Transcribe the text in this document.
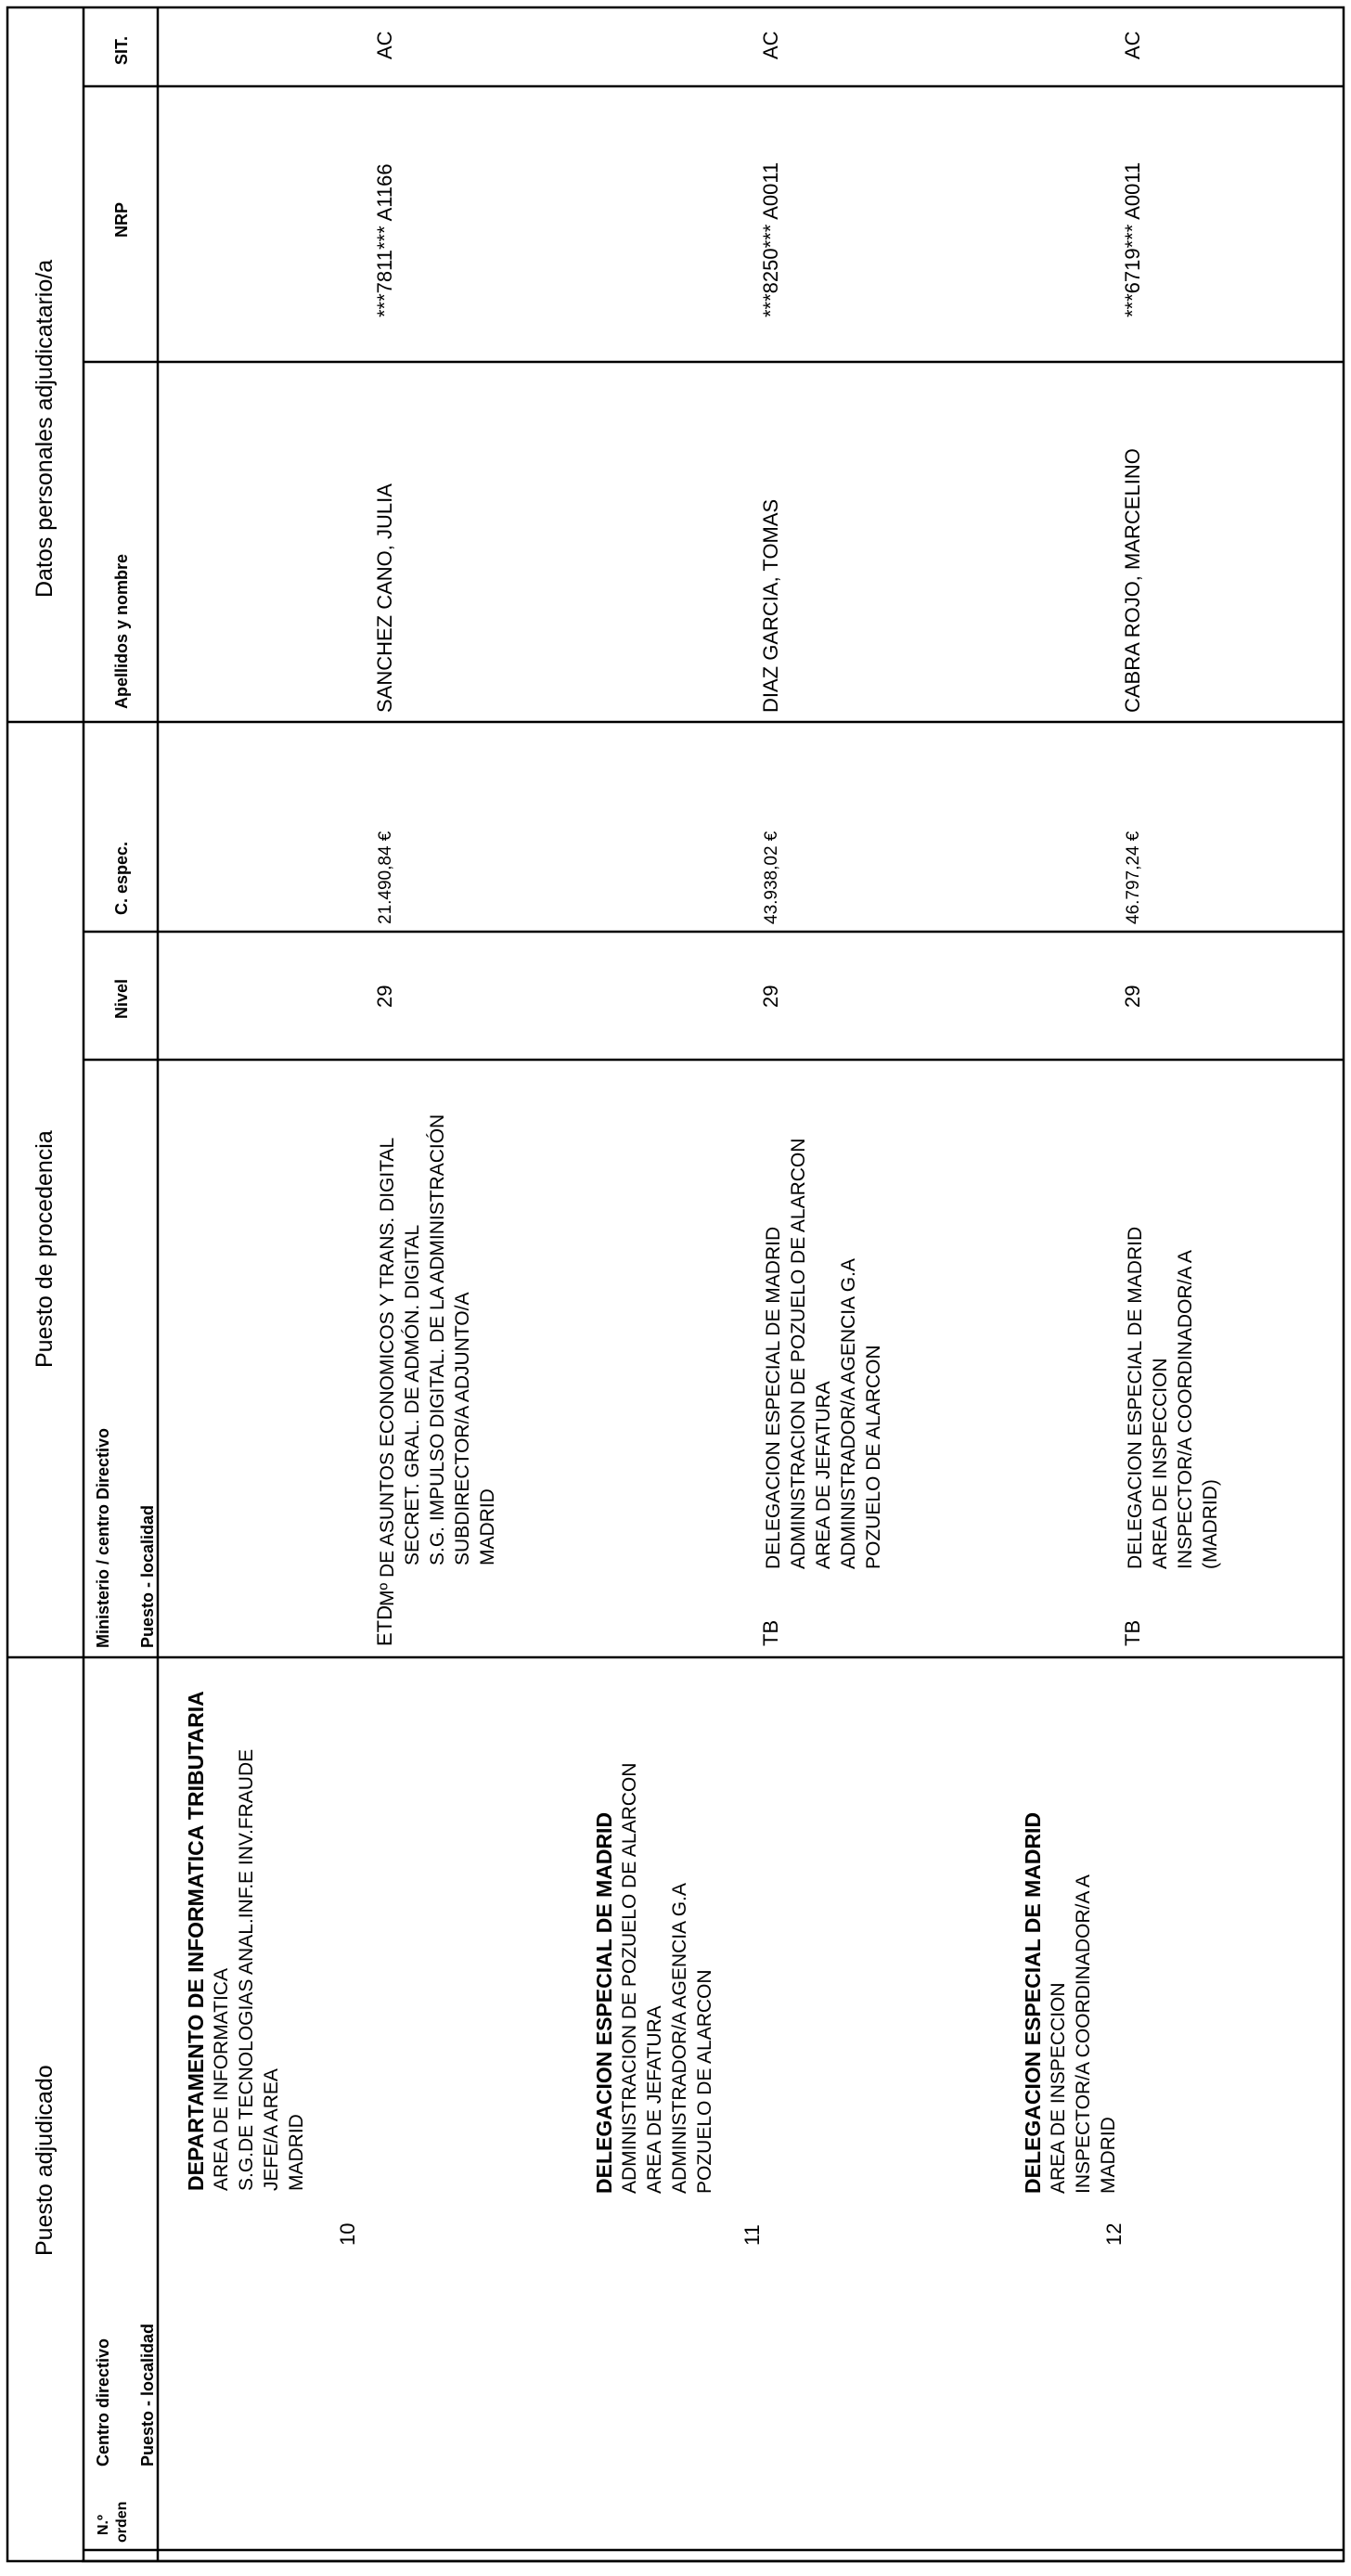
Puesto adjudicado
Puesto de procedencia
Datos personales adjudicatario/a
N.º orden
Centro directivo Puesto - localidad
Ministerio / centro Directivo Puesto - localidad
Nivel
C. espec.
Apellidos y nombre
NRP
SIT.
10
DEPARTAMENTO DE INFORMATICA TRIBUTARIA AREA DE INFORMATICA S.G.DE TECNOLOGIAS ANAL.INF.E INV.FRAUDE JEFE/A AREA MADRID
ETD
Mº DE ASUNTOS ECONOMICOS Y TRANS. DIGITAL SECRET. GRAL. DE ADMÓN. DIGITAL S.G. IMPULSO DIGITAL. DE LA ADMINISTRACIÓN SUBDIRECTOR/A ADJUNTO/A MADRID
29
21.490,84 €
SANCHEZ CANO, JULIA
***7811*** A1166
AC
11
DELEGACION ESPECIAL DE MADRID ADMINISTRACION DE POZUELO DE ALARCON AREA DE JEFATURA ADMINISTRADOR/A AGENCIA G.A POZUELO DE ALARCON
TB
DELEGACION ESPECIAL DE MADRID ADMINISTRACION DE POZUELO DE ALARCON AREA DE JEFATURA ADMINISTRADOR/A AGENCIA G.A POZUELO DE ALARCON
29
43.938,02 €
DIAZ GARCIA, TOMAS
***8250*** A0011
AC
12
DELEGACION ESPECIAL DE MADRID AREA DE INSPECCION INSPECTOR/A COORDINADOR/A A MADRID
TB
DELEGACION ESPECIAL DE MADRID AREA DE INSPECCION INSPECTOR/A COORDINADOR/A A (MADRID)
29
46.797,24 €
CABRA ROJO, MARCELINO
***6719*** A0011
AC
